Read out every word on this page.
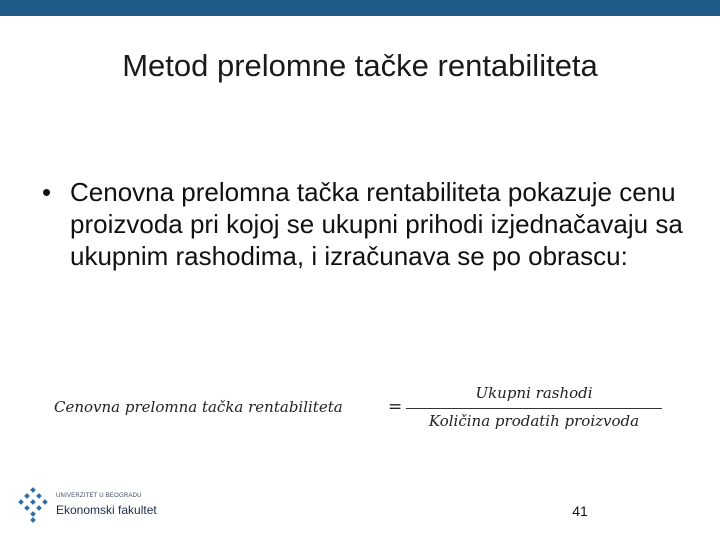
Metod prelomne tačke rentabiliteta
• Cenovna prelomna tačka rentabiliteta pokazuje cenu proizvoda pri kojoj se ukupni prihodi izjednačavaju sa ukupnim rashodima, i izračunava se po obrascu:
Cenovna prelomna tačka rentabiliteta	=
Ukupni rashodi
Količina prodatih proizvoda
UNIVERZITET U BEOGRADU
Ekonomski fakultet	41
